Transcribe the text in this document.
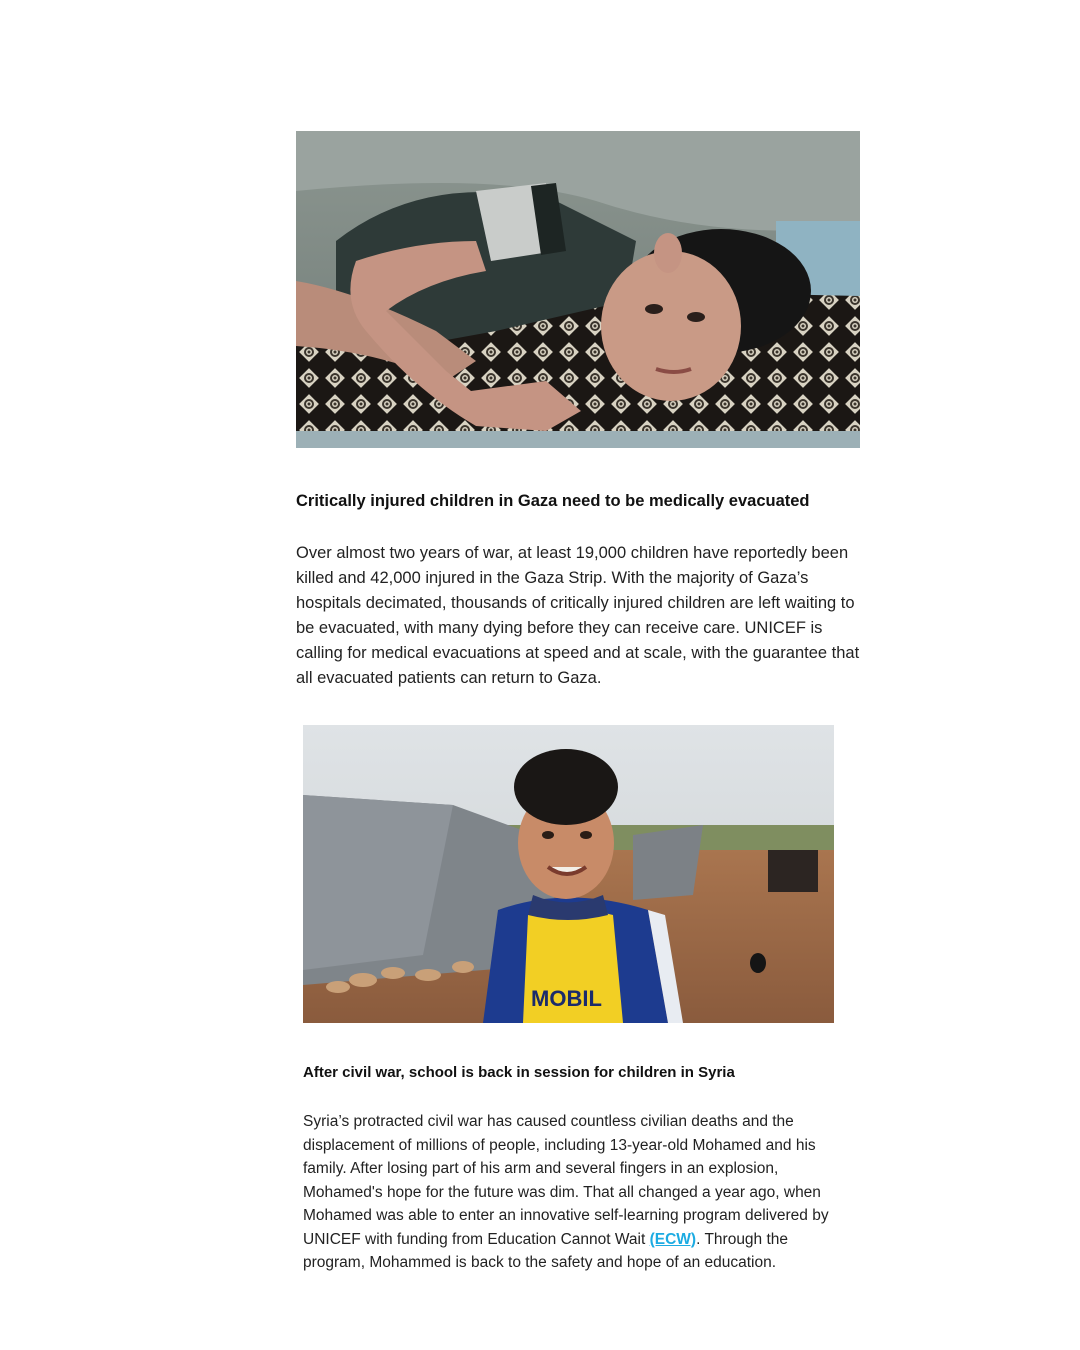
Critically injured children in Gaza need to be medically evacuated

Over almost two years of war, at least 19,000 children have reportedly been killed and 42,000 injured in the Gaza Strip. With the majority of Gaza’s hospitals decimated, thousands of critically injured children are left waiting to be evacuated, with many dying before they can receive care. UNICEF is calling for medical evacuations at speed and at scale, with the guarantee that all evacuated patients can return to Gaza.

MOBIL
After civil war, school is back in session for children in Syria

Syria’s protracted civil war has caused countless civilian deaths and the displacement of millions of people, including 13-year-old Mohamed and his family. After losing part of his arm and several fingers in an explosion, Mohamed's hope for the future was dim. That all changed a year ago, when Mohamed was able to enter an innovative self-learning program delivered by UNICEF with funding from Education Cannot Wait (ECW). Through the program, Mohammed is back to the safety and hope of an education.
